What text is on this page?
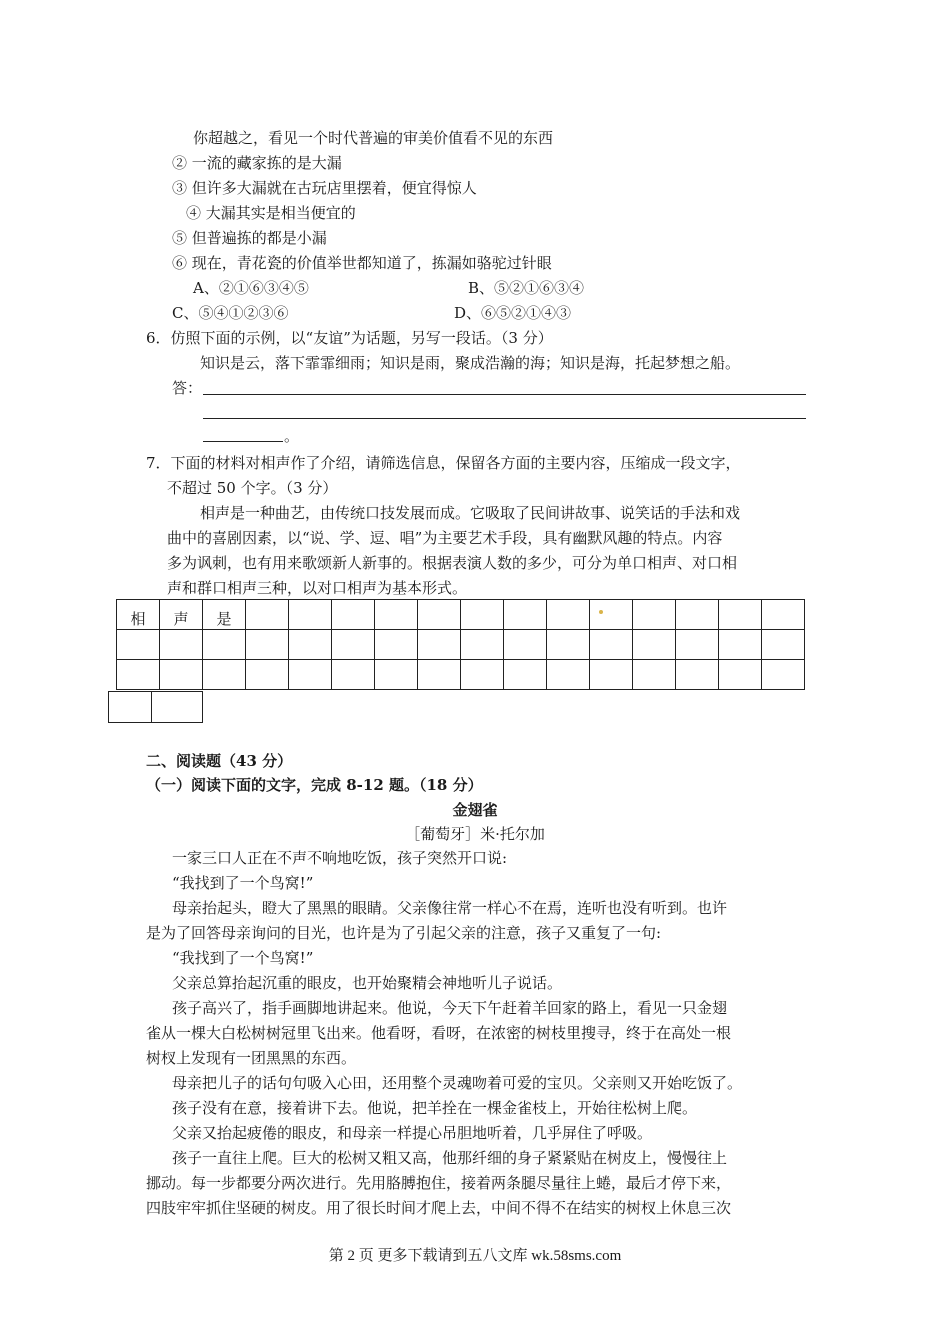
你超越之，看见一个时代普遍的审美价值看不见的东西
② 一流的藏家拣的是大漏
③ 但许多大漏就在古玩店里摆着，便宜得惊人
④ 大漏其实是相当便宜的
⑤ 但普遍拣的都是小漏
⑥ 现在，青花瓷的价值举世都知道了，拣漏如骆驼过针眼
A、②①⑥③④⑤	B、⑤②①⑥③④
C、⑤④①②③⑥	D、⑥⑤②①④③
6．仿照下面的示例，以“友谊”为话题，另写一段话。（3 分）
知识是云，落下霏霏细雨；知识是雨，聚成浩瀚的海；知识是海，托起梦想之船。
答：
。
7．下面的材料对相声作了介绍，请筛选信息，保留各方面的主要内容，压缩成一段文字，
不超过 50 个字。（3 分）
相声是一种曲艺，由传统口技发展而成。它吸取了民间讲故事、说笑话的手法和戏
曲中的喜剧因素，以“说、学、逗、唱”为主要艺术手段，具有幽默风趣的特点。内容
多为讽刺，也有用来歌颂新人新事的。根据表演人数的多少，可分为单口相声、对口相
声和群口相声三种，以对口相声为基本形式。
相	声	是													

二、阅读题（43 分）
（一）阅读下面的文字，完成 8-12 题。（18 分）
金翅雀
［葡萄牙］米·托尔加
一家三口人正在不声不响地吃饭，孩子突然开口说:
“我找到了一个鸟窝!”
母亲抬起头，瞪大了黑黑的眼睛。父亲像往常一样心不在焉，连听也没有听到。也许
是为了回答母亲询问的目光，也许是为了引起父亲的注意，孩子又重复了一句:
“我找到了一个鸟窝!”
父亲总算抬起沉重的眼皮，也开始聚精会神地听儿子说话。
孩子高兴了，指手画脚地讲起来。他说，今天下午赶着羊回家的路上，看见一只金翅
雀从一棵大白松树树冠里飞出来。他看呀，看呀，在浓密的树枝里搜寻，终于在高处一根
树杈上发现有一团黑黑的东西。
母亲把儿子的话句句吸入心田，还用整个灵魂吻着可爱的宝贝。父亲则又开始吃饭了。
孩子没有在意，接着讲下去。他说，把羊拴在一棵金雀枝上，开始往松树上爬。
父亲又抬起疲倦的眼皮，和母亲一样提心吊胆地听着，几乎屏住了呼吸。
孩子一直往上爬。巨大的松树又粗又高，他那纤细的身子紧紧贴在树皮上，慢慢往上
挪动。每一步都要分两次进行。先用胳膊抱住，接着两条腿尽量往上蜷，最后才停下来，
四肢牢牢抓住坚硬的树皮。用了很长时间才爬上去，中间不得不在结实的树杈上休息三次
第 2 页 更多下载请到五八文库 wk.58sms.com
